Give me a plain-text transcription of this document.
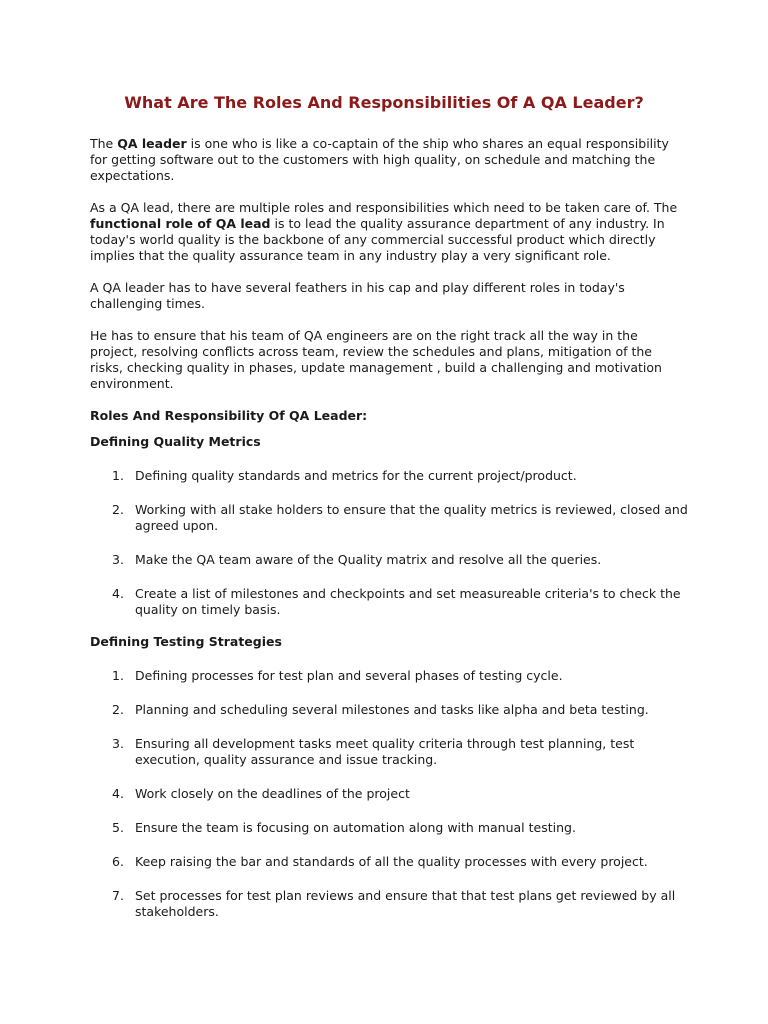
What Are The Roles And Responsibilities Of A QA Leader?

The QA leader is one who is like a co-captain of the ship who shares an equal responsibility for getting software out to the customers with high quality, on schedule and matching the expectations.

As a QA lead, there are multiple roles and responsibilities which need to be taken care of. The functional role of QA lead is to lead the quality assurance department of any industry. In today's world quality is the backbone of any commercial successful product which directly implies that the quality assurance team in any industry play a very significant role.

A QA leader has to have several feathers in his cap and play different roles in today's challenging times.

He has to ensure that his team of QA engineers are on the right track all the way in the project, resolving conflicts across team, review the schedules and plans, mitigation of the risks, checking quality in phases, update management , build a challenging and motivation environment.

Roles And Responsibility Of QA Leader:
Defining Quality Metrics
1. Defining quality standards and metrics for the current project/product.
2. Working with all stake holders to ensure that the quality metrics is reviewed, closed and agreed upon.
3. Make the QA team aware of the Quality matrix and resolve all the queries.
4. Create a list of milestones and checkpoints and set measureable criteria's to check the quality on timely basis.
Defining Testing Strategies
1. Defining processes for test plan and several phases of testing cycle.
2. Planning and scheduling several milestones and tasks like alpha and beta testing.
3. Ensuring all development tasks meet quality criteria through test planning, test execution, quality assurance and issue tracking.
4. Work closely on the deadlines of the project
5. Ensure the team is focusing on automation along with manual testing.
6. Keep raising the bar and standards of all the quality processes with every project.
7. Set processes for test plan reviews and ensure that that test plans get reviewed by all stakeholders.
